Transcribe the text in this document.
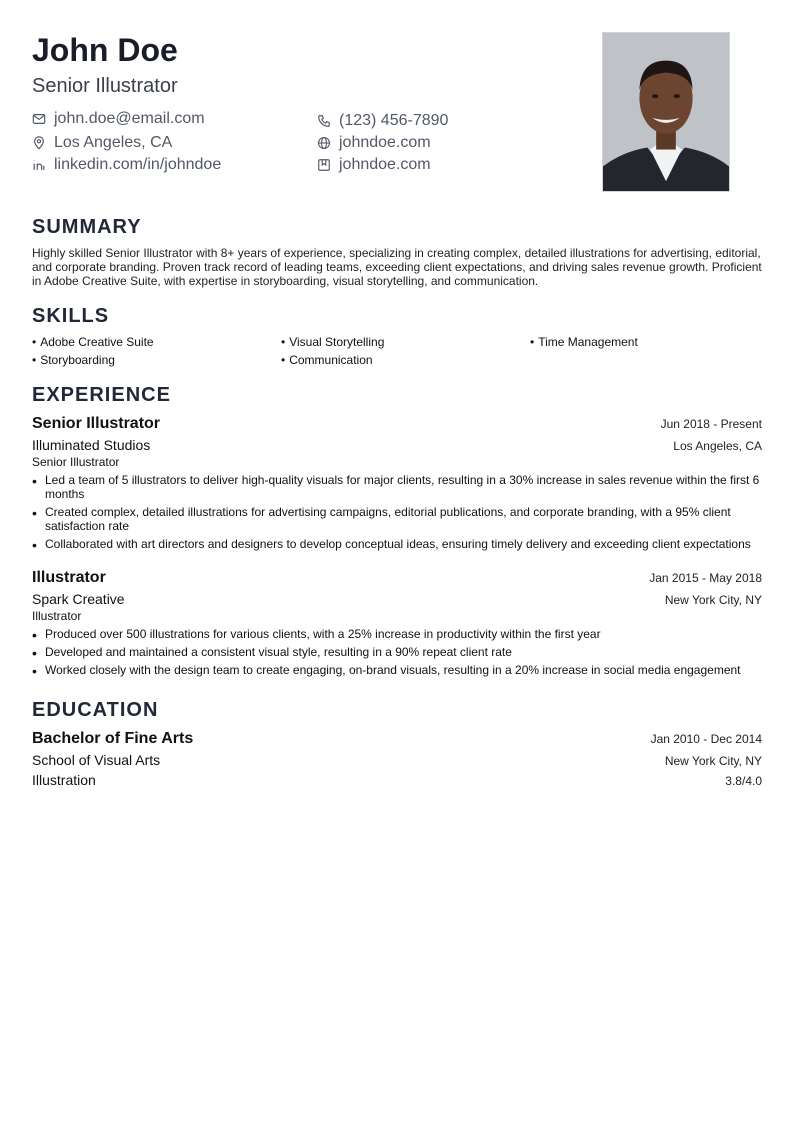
John Doe
Senior Illustrator
john.doe@email.com	(123) 456-7890
Los Angeles, CA	johndoe.com
linkedin.com/in/johndoe	johndoe.com
SUMMARY
Highly skilled Senior Illustrator with 8+ years of experience, specializing in creating complex, detailed illustrations for advertising, editorial, and corporate branding. Proven track record of leading teams, exceeding client expectations, and driving sales revenue growth. Proficient in Adobe Creative Suite, with expertise in storyboarding, visual storytelling, and communication.
SKILLS
• Adobe Creative Suite	• Visual Storytelling	• Time Management
• Storyboarding	• Communication
EXPERIENCE
Senior Illustrator	Jun 2018 - Present
Illuminated Studios	Los Angeles, CA
Senior Illustrator
• Led a team of 5 illustrators to deliver high-quality visuals for major clients, resulting in a 30% increase in sales revenue within the first 6 months
• Created complex, detailed illustrations for advertising campaigns, editorial publications, and corporate branding, with a 95% client satisfaction rate
• Collaborated with art directors and designers to develop conceptual ideas, ensuring timely delivery and exceeding client expectations
Illustrator	Jan 2015 - May 2018
Spark Creative	New York City, NY
Illustrator
• Produced over 500 illustrations for various clients, with a 25% increase in productivity within the first year
• Developed and maintained a consistent visual style, resulting in a 90% repeat client rate
• Worked closely with the design team to create engaging, on-brand visuals, resulting in a 20% increase in social media engagement
EDUCATION
Bachelor of Fine Arts	Jan 2010 - Dec 2014
School of Visual Arts	New York City, NY
Illustration	3.8/4.0
